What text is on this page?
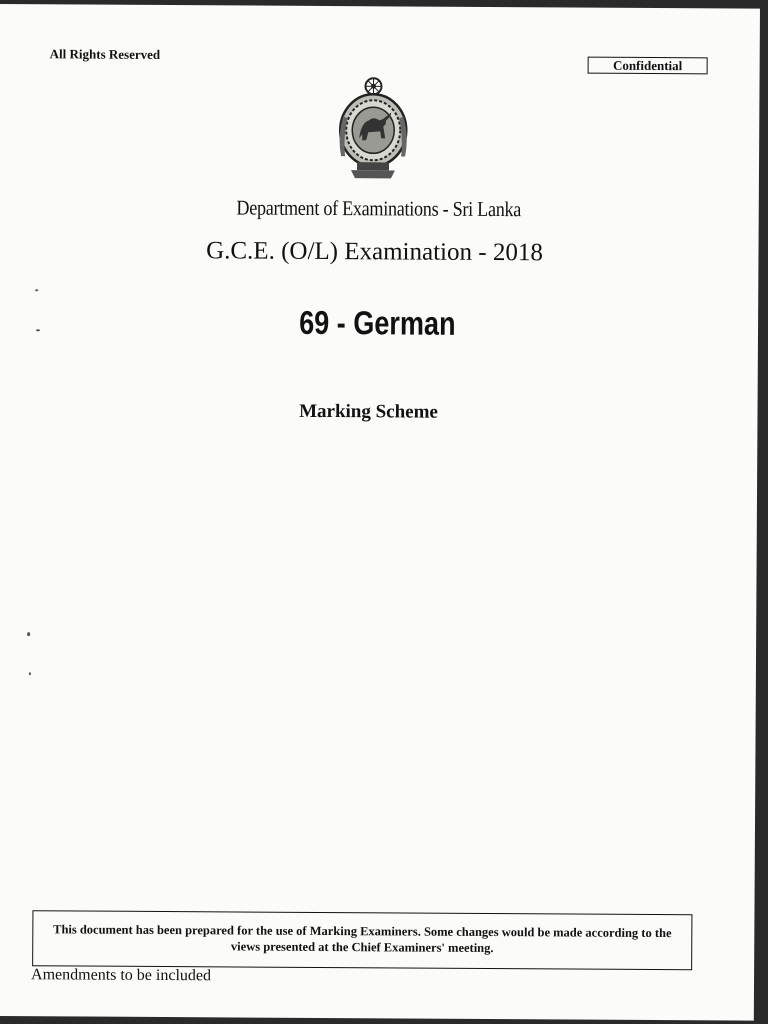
All Rights Reserved
Confidential
Department of Examinations - Sri Lanka
G.C.E. (O/L) Examination - 2018
69 - German
Marking Scheme
This document has been prepared for the use of Marking Examiners. Some changes would be made according to the
views presented at the Chief Examiners' meeting.
Amendments to be included
